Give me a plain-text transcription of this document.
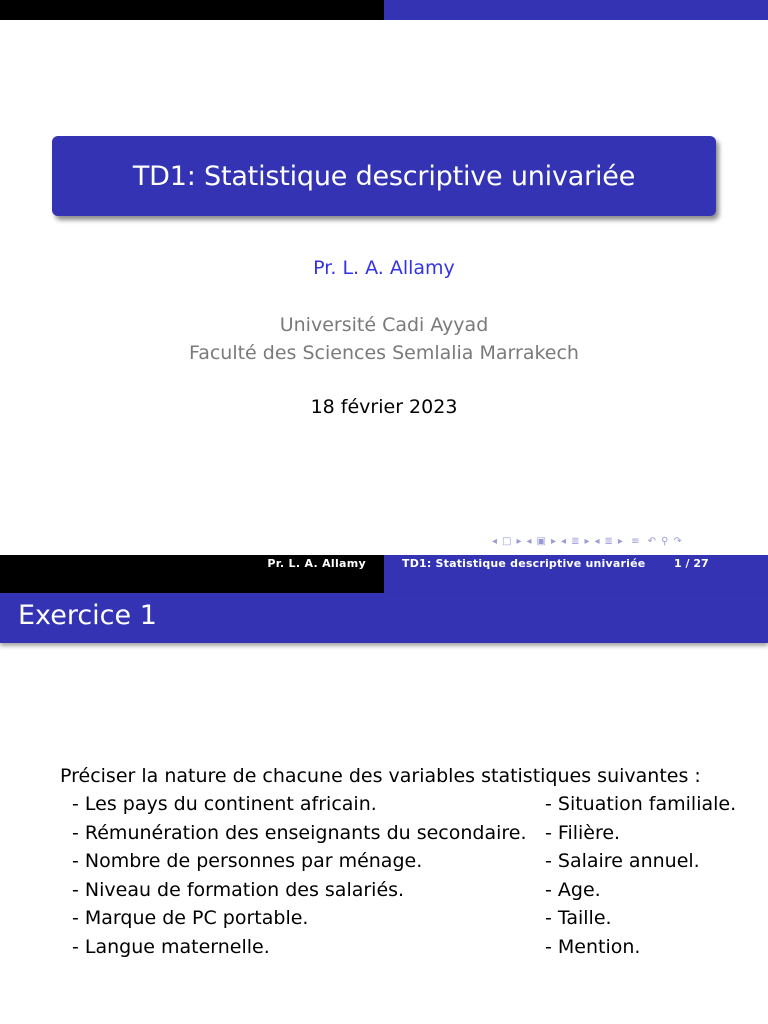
TD1: Statistique descriptive univariée
Pr. L. A. Allamy
Université Cadi Ayyad
Faculté des Sciences Semlalia Marrakech
18 février 2023
◂ □ ▸ ◂ ▣ ▸ ◂ ≣ ▸ ◂ ≣ ▸ ≡ ↶ ⚲ ↷
Pr. L. A. Allamy	TD1: Statistique descriptive univariée	1 / 27
Exercice 1
Préciser la nature de chacune des variables statistiques suivantes :
- Les pays du continent africain.
- Rémunération des enseignants du secondaire.
- Nombre de personnes par ménage.
- Niveau de formation des salariés.
- Marque de PC portable.
- Langue maternelle.
- Situation familiale.
- Filière.
- Salaire annuel.
- Age.
- Taille.
- Mention.
